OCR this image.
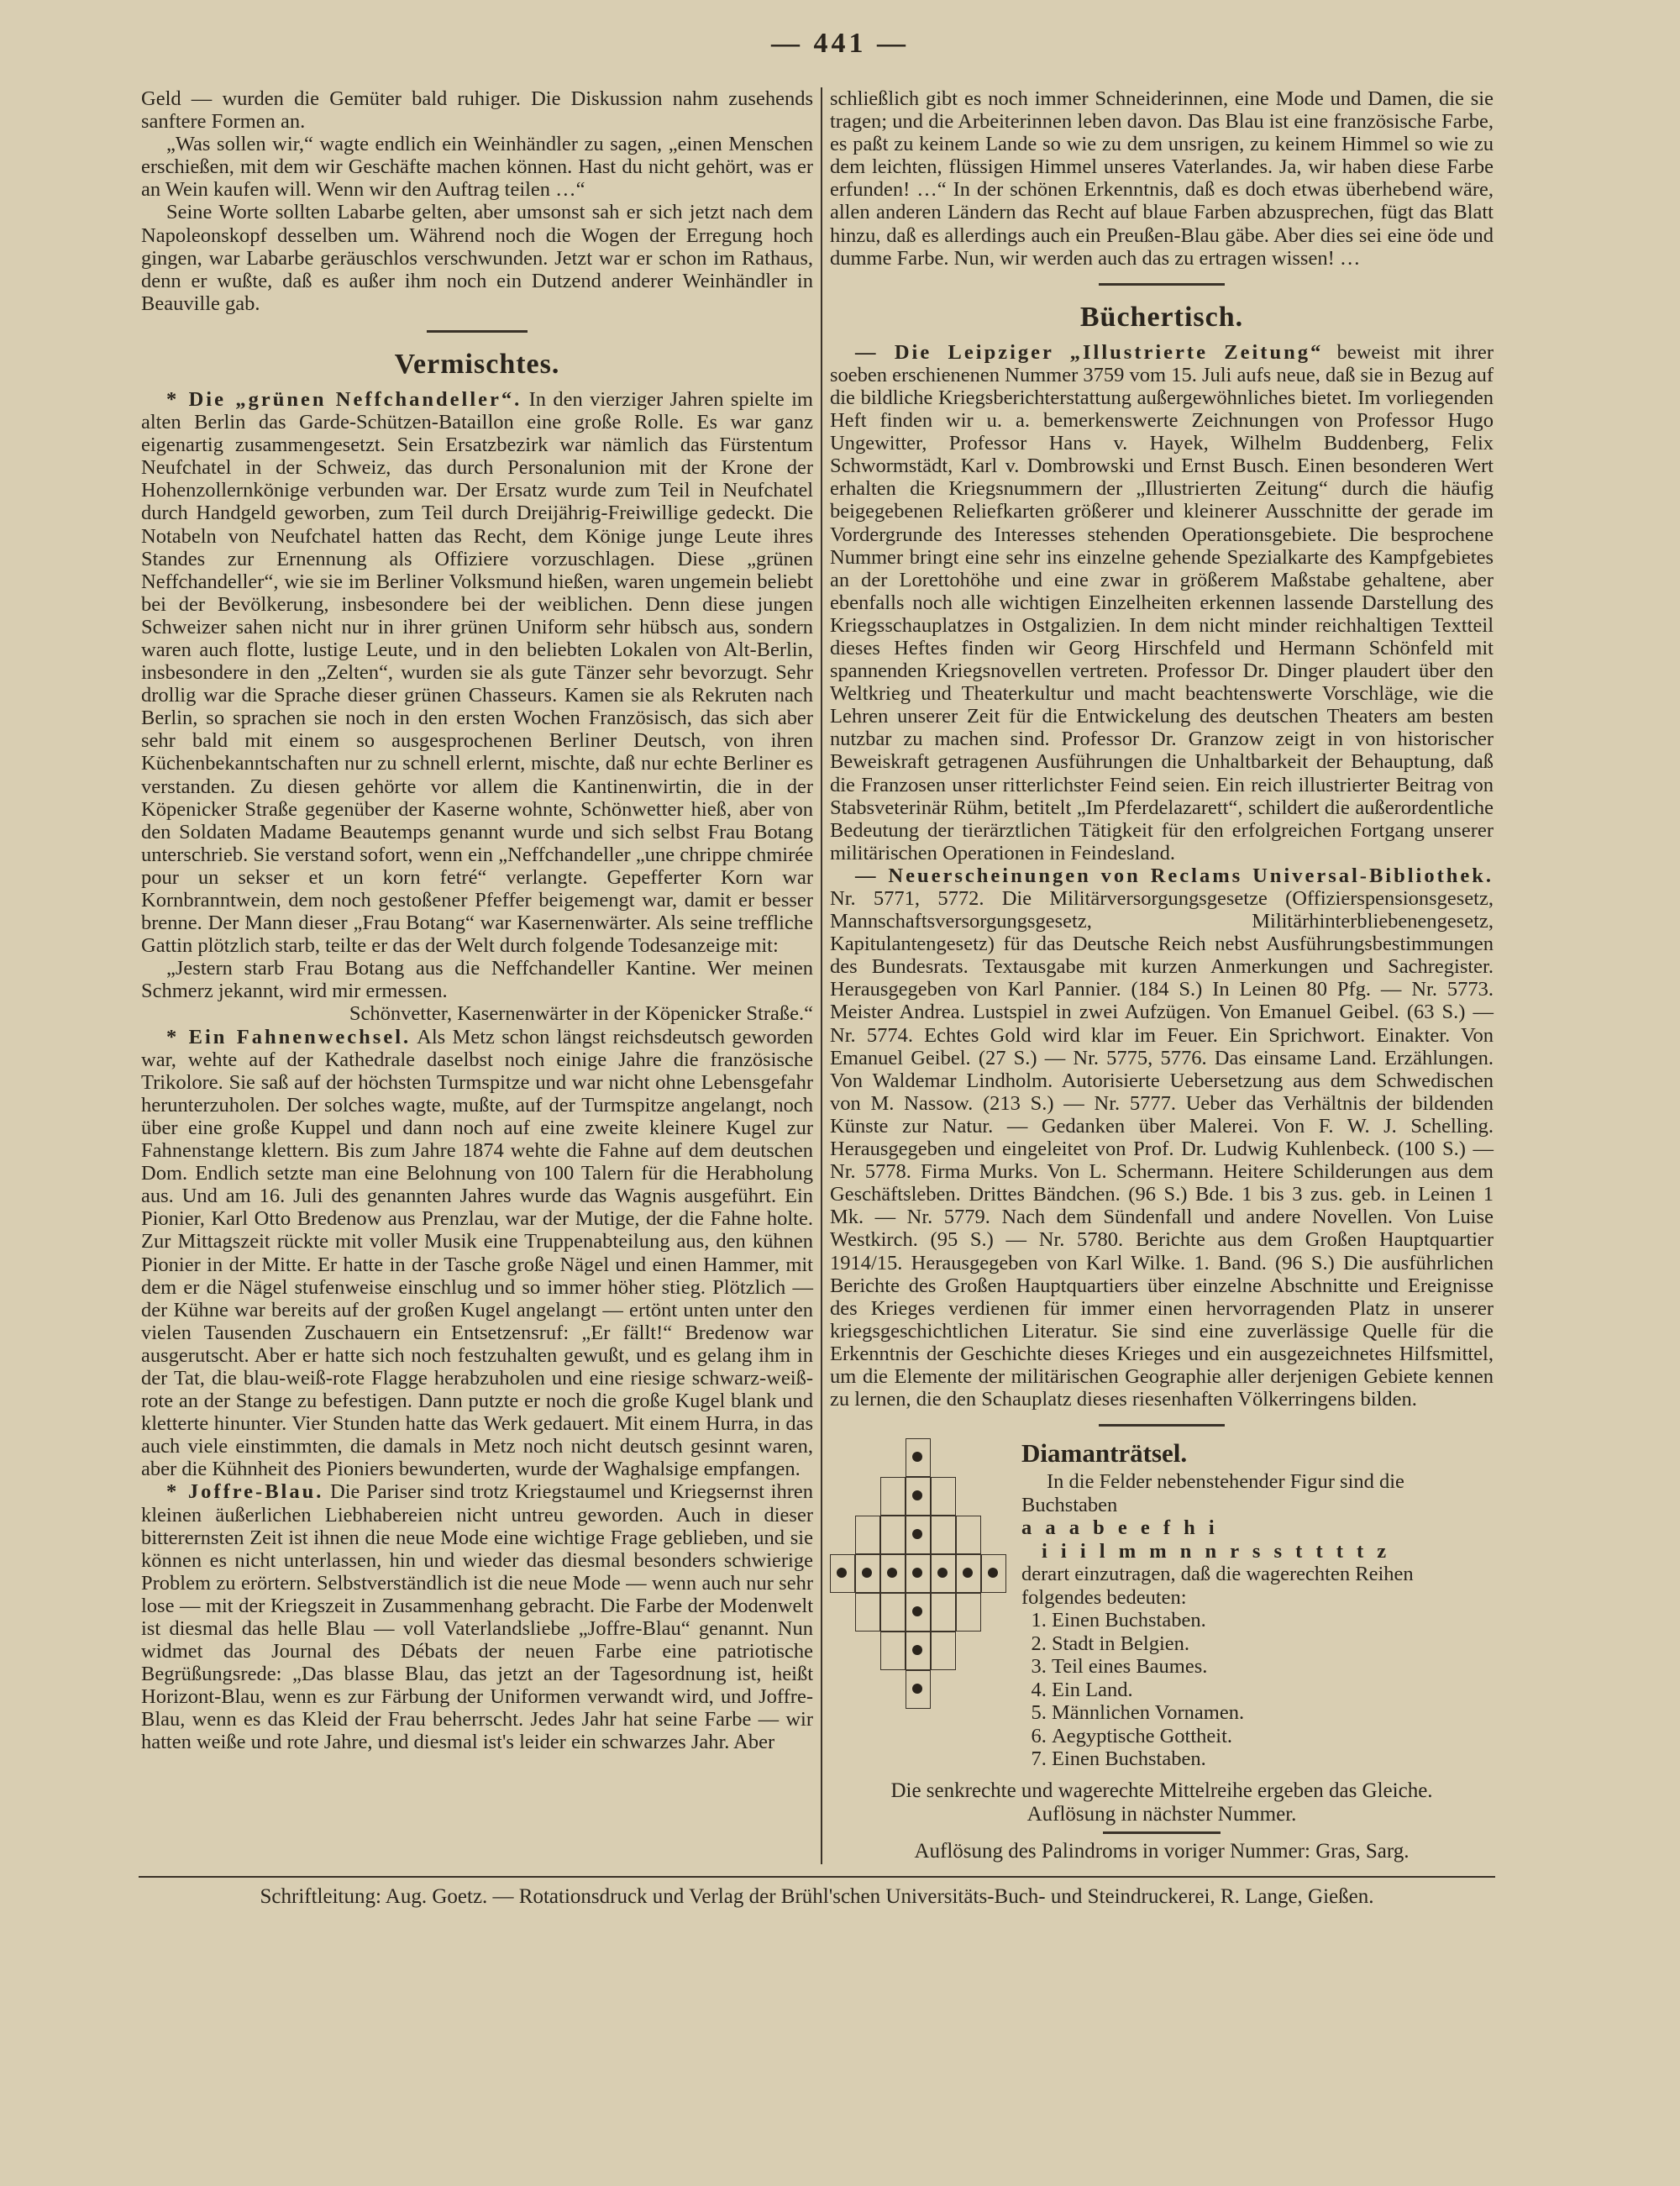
— 441 —

Geld — wurden die Gemüter bald ruhiger. Die Diskussion nahm zusehends sanftere Formen an.

„Was sollen wir,“ wagte endlich ein Weinhändler zu sagen, „einen Menschen erschießen, mit dem wir Geschäfte machen können. Hast du nicht gehört, was er an Wein kaufen will. Wenn wir den Auftrag teilen …“

Seine Worte sollten Labarbe gelten, aber umsonst sah er sich jetzt nach dem Napoleonskopf desselben um. Während noch die Wogen der Erregung hoch gingen, war Labarbe geräuschlos verschwunden. Jetzt war er schon im Rathaus, denn er wußte, daß es außer ihm noch ein Dutzend anderer Weinhändler in Beauville gab.

Vermischtes.

* Die „grünen Neffchandeller“. In den vierziger Jahren spielte im alten Berlin das Garde-Schützen-Bataillon eine große Rolle. Es war ganz eigenartig zusammengesetzt. Sein Ersatzbezirk war nämlich das Fürstentum Neufchatel in der Schweiz, das durch Personalunion mit der Krone der Hohenzollernkönige verbunden war. Der Ersatz wurde zum Teil in Neufchatel durch Handgeld geworben, zum Teil durch Dreijährig-Freiwillige gedeckt. Die Notabeln von Neufchatel hatten das Recht, dem Könige junge Leute ihres Standes zur Ernennung als Offiziere vorzuschlagen. Diese „grünen Neffchandeller“, wie sie im Berliner Volksmund hießen, waren ungemein beliebt bei der Bevölkerung, insbesondere bei der weiblichen. Denn diese jungen Schweizer sahen nicht nur in ihrer grünen Uniform sehr hübsch aus, sondern waren auch flotte, lustige Leute, und in den beliebten Lokalen von Alt-Berlin, insbesondere in den „Zelten“, wurden sie als gute Tänzer sehr bevorzugt. Sehr drollig war die Sprache dieser grünen Chasseurs. Kamen sie als Rekruten nach Berlin, so sprachen sie noch in den ersten Wochen Französisch, das sich aber sehr bald mit einem so ausgesprochenen Berliner Deutsch, von ihren Küchenbekanntschaften nur zu schnell erlernt, mischte, daß nur echte Berliner es verstanden. Zu diesen gehörte vor allem die Kantinenwirtin, die in der Köpenicker Straße gegenüber der Kaserne wohnte, Schönwetter hieß, aber von den Soldaten Madame Beautemps genannt wurde und sich selbst Frau Botang unterschrieb. Sie verstand sofort, wenn ein „Neffchandeller „une chrippe chmirée pour un sekser et un korn fetré“ verlangte. Gepefferter Korn war Kornbranntwein, dem noch gestoßener Pfeffer beigemengt war, damit er besser brenne. Der Mann dieser „Frau Botang“ war Kasernenwärter. Als seine treffliche Gattin plötzlich starb, teilte er das der Welt durch folgende Todesanzeige mit:

„Jestern starb Frau Botang aus die Neffchandeller Kantine. Wer meinen Schmerz jekannt, wird mir ermessen.

Schönvetter, Kasernenwärter in der Köpenicker Straße.“

* Ein Fahnenwechsel. Als Metz schon längst reichsdeutsch geworden war, wehte auf der Kathedrale daselbst noch einige Jahre die französische Trikolore. Sie saß auf der höchsten Turmspitze und war nicht ohne Lebensgefahr herunterzuholen. Der solches wagte, mußte, auf der Turmspitze angelangt, noch über eine große Kuppel und dann noch auf eine zweite kleinere Kugel zur Fahnenstange klettern. Bis zum Jahre 1874 wehte die Fahne auf dem deutschen Dom. Endlich setzte man eine Belohnung von 100 Talern für die Herabholung aus. Und am 16. Juli des genannten Jahres wurde das Wagnis ausgeführt. Ein Pionier, Karl Otto Bredenow aus Prenzlau, war der Mutige, der die Fahne holte. Zur Mittagszeit rückte mit voller Musik eine Truppenabteilung aus, den kühnen Pionier in der Mitte. Er hatte in der Tasche große Nägel und einen Hammer, mit dem er die Nägel stufenweise einschlug und so immer höher stieg. Plötzlich — der Kühne war bereits auf der großen Kugel angelangt — ertönt unten unter den vielen Tausenden Zuschauern ein Entsetzensruf: „Er fällt!“ Bredenow war ausgerutscht. Aber er hatte sich noch festzuhalten gewußt, und es gelang ihm in der Tat, die blau-weiß-rote Flagge herabzuholen und eine riesige schwarz-weiß-rote an der Stange zu befestigen. Dann putzte er noch die große Kugel blank und kletterte hinunter. Vier Stunden hatte das Werk gedauert. Mit einem Hurra, in das auch viele einstimmten, die damals in Metz noch nicht deutsch gesinnt waren, aber die Kühnheit des Pioniers bewunderten, wurde der Waghalsige empfangen.

* Joffre-Blau. Die Pariser sind trotz Kriegstaumel und Kriegsernst ihren kleinen äußerlichen Liebhabereien nicht untreu geworden. Auch in dieser bitterernsten Zeit ist ihnen die neue Mode eine wichtige Frage geblieben, und sie können es nicht unterlassen, hin und wieder das diesmal besonders schwierige Problem zu erörtern. Selbstverständlich ist die neue Mode — wenn auch nur sehr lose — mit der Kriegszeit in Zusammenhang gebracht. Die Farbe der Modenwelt ist diesmal das helle Blau — voll Vaterlandsliebe „Joffre-Blau“ genannt. Nun widmet das Journal des Débats der neuen Farbe eine patriotische Begrüßungsrede: „Das blasse Blau, das jetzt an der Tagesordnung ist, heißt Horizont-Blau, wenn es zur Färbung der Uniformen verwandt wird, und Joffre-Blau, wenn es das Kleid der Frau beherrscht. Jedes Jahr hat seine Farbe — wir hatten weiße und rote Jahre, und diesmal ist's leider ein schwarzes Jahr. Aber

schließlich gibt es noch immer Schneiderinnen, eine Mode und Damen, die sie tragen; und die Arbeiterinnen leben davon. Das Blau ist eine französische Farbe, es paßt zu keinem Lande so wie zu dem unsrigen, zu keinem Himmel so wie zu dem leichten, flüssigen Himmel unseres Vaterlandes. Ja, wir haben diese Farbe erfunden! …“ In der schönen Erkenntnis, daß es doch etwas überhebend wäre, allen anderen Ländern das Recht auf blaue Farben abzusprechen, fügt das Blatt hinzu, daß es allerdings auch ein Preußen-Blau gäbe. Aber dies sei eine öde und dumme Farbe. Nun, wir werden auch das zu ertragen wissen! …

Büchertisch.

— Die Leipziger „Illustrierte Zeitung“ beweist mit ihrer soeben erschienenen Nummer 3759 vom 15. Juli aufs neue, daß sie in Bezug auf die bildliche Kriegsberichterstattung außergewöhnliches bietet. Im vorliegenden Heft finden wir u. a. bemerkenswerte Zeichnungen von Professor Hugo Ungewitter, Professor Hans v. Hayek, Wilhelm Buddenberg, Felix Schwormstädt, Karl v. Dombrowski und Ernst Busch. Einen besonderen Wert erhalten die Kriegsnummern der „Illustrierten Zeitung“ durch die häufig beigegebenen Reliefkarten größerer und kleinerer Ausschnitte der gerade im Vordergrunde des Interesses stehenden Operationsgebiete. Die besprochene Nummer bringt eine sehr ins einzelne gehende Spezialkarte des Kampfgebietes an der Lorettohöhe und eine zwar in größerem Maßstabe gehaltene, aber ebenfalls noch alle wichtigen Einzelheiten erkennen lassende Darstellung des Kriegsschauplatzes in Ostgalizien. In dem nicht minder reichhaltigen Textteil dieses Heftes finden wir Georg Hirschfeld und Hermann Schönfeld mit spannenden Kriegsnovellen vertreten. Professor Dr. Dinger plaudert über den Weltkrieg und Theaterkultur und macht beachtenswerte Vorschläge, wie die Lehren unserer Zeit für die Entwickelung des deutschen Theaters am besten nutzbar zu machen sind. Professor Dr. Granzow zeigt in von historischer Beweiskraft getragenen Ausführungen die Unhaltbarkeit der Behauptung, daß die Franzosen unser ritterlichster Feind seien. Ein reich illustrierter Beitrag von Stabsveterinär Rühm, betitelt „Im Pferdelazarett“, schildert die außerordentliche Bedeutung der tierärztlichen Tätigkeit für den erfolgreichen Fortgang unserer militärischen Operationen in Feindesland.

— Neuerscheinungen von Reclams Universal-Bibliothek. Nr. 5771, 5772. Die Militärversorgungsgesetze (Offizierspensionsgesetz, Mannschaftsversorgungsgesetz, Militärhinterbliebenengesetz, Kapitulantengesetz) für das Deutsche Reich nebst Ausführungsbestimmungen des Bundesrats. Textausgabe mit kurzen Anmerkungen und Sachregister. Herausgegeben von Karl Pannier. (184 S.) In Leinen 80 Pfg. — Nr. 5773. Meister Andrea. Lustspiel in zwei Aufzügen. Von Emanuel Geibel. (63 S.) — Nr. 5774. Echtes Gold wird klar im Feuer. Ein Sprichwort. Einakter. Von Emanuel Geibel. (27 S.) — Nr. 5775, 5776. Das einsame Land. Erzählungen. Von Waldemar Lindholm. Autorisierte Uebersetzung aus dem Schwedischen von M. Nassow. (213 S.) — Nr. 5777. Ueber das Verhältnis der bildenden Künste zur Natur. — Gedanken über Malerei. Von F. W. J. Schelling. Herausgegeben und eingeleitet von Prof. Dr. Ludwig Kuhlenbeck. (100 S.) — Nr. 5778. Firma Murks. Von L. Schermann. Heitere Schilderungen aus dem Geschäftsleben. Drittes Bändchen. (96 S.) Bde. 1 bis 3 zus. geb. in Leinen 1 Mk. — Nr. 5779. Nach dem Sündenfall und andere Novellen. Von Luise Westkirch. (95 S.) — Nr. 5780. Berichte aus dem Großen Hauptquartier 1914/15. Herausgegeben von Karl Wilke. 1. Band. (96 S.) Die ausführlichen Berichte des Großen Hauptquartiers über einzelne Abschnitte und Ereignisse des Krieges verdienen für immer einen hervorragenden Platz in unserer kriegsgeschichtlichen Literatur. Sie sind eine zuverlässige Quelle für die Erkenntnis der Geschichte dieses Krieges und ein ausgezeichnetes Hilfsmittel, um die Elemente der militärischen Geographie aller derjenigen Gebiete kennen zu lernen, die den Schauplatz dieses riesenhaften Völkerringens bilden.

Diamanträtsel.
In die Felder nebenstehender Figur sind die Buchstaben
a a a b e e f h i
i i i l m m n n r s s t t t t z
derart einzutragen, daß die wagerechten Reihen folgendes bedeuten:
1. Einen Buchstaben.
2. Stadt in Belgien.
3. Teil eines Baumes.
4. Ein Land.
5. Männlichen Vornamen.
6. Aegyptische Gottheit.
7. Einen Buchstaben.
Die senkrechte und wagerechte Mittelreihe ergeben das Gleiche.
Auflösung in nächster Nummer.
Auflösung des Palindroms in voriger Nummer: Gras, Sarg.
Schriftleitung: Aug. Goetz. — Rotationsdruck und Verlag der Brühl'schen Universitäts-Buch- und Steindruckerei, R. Lange, Gießen.
